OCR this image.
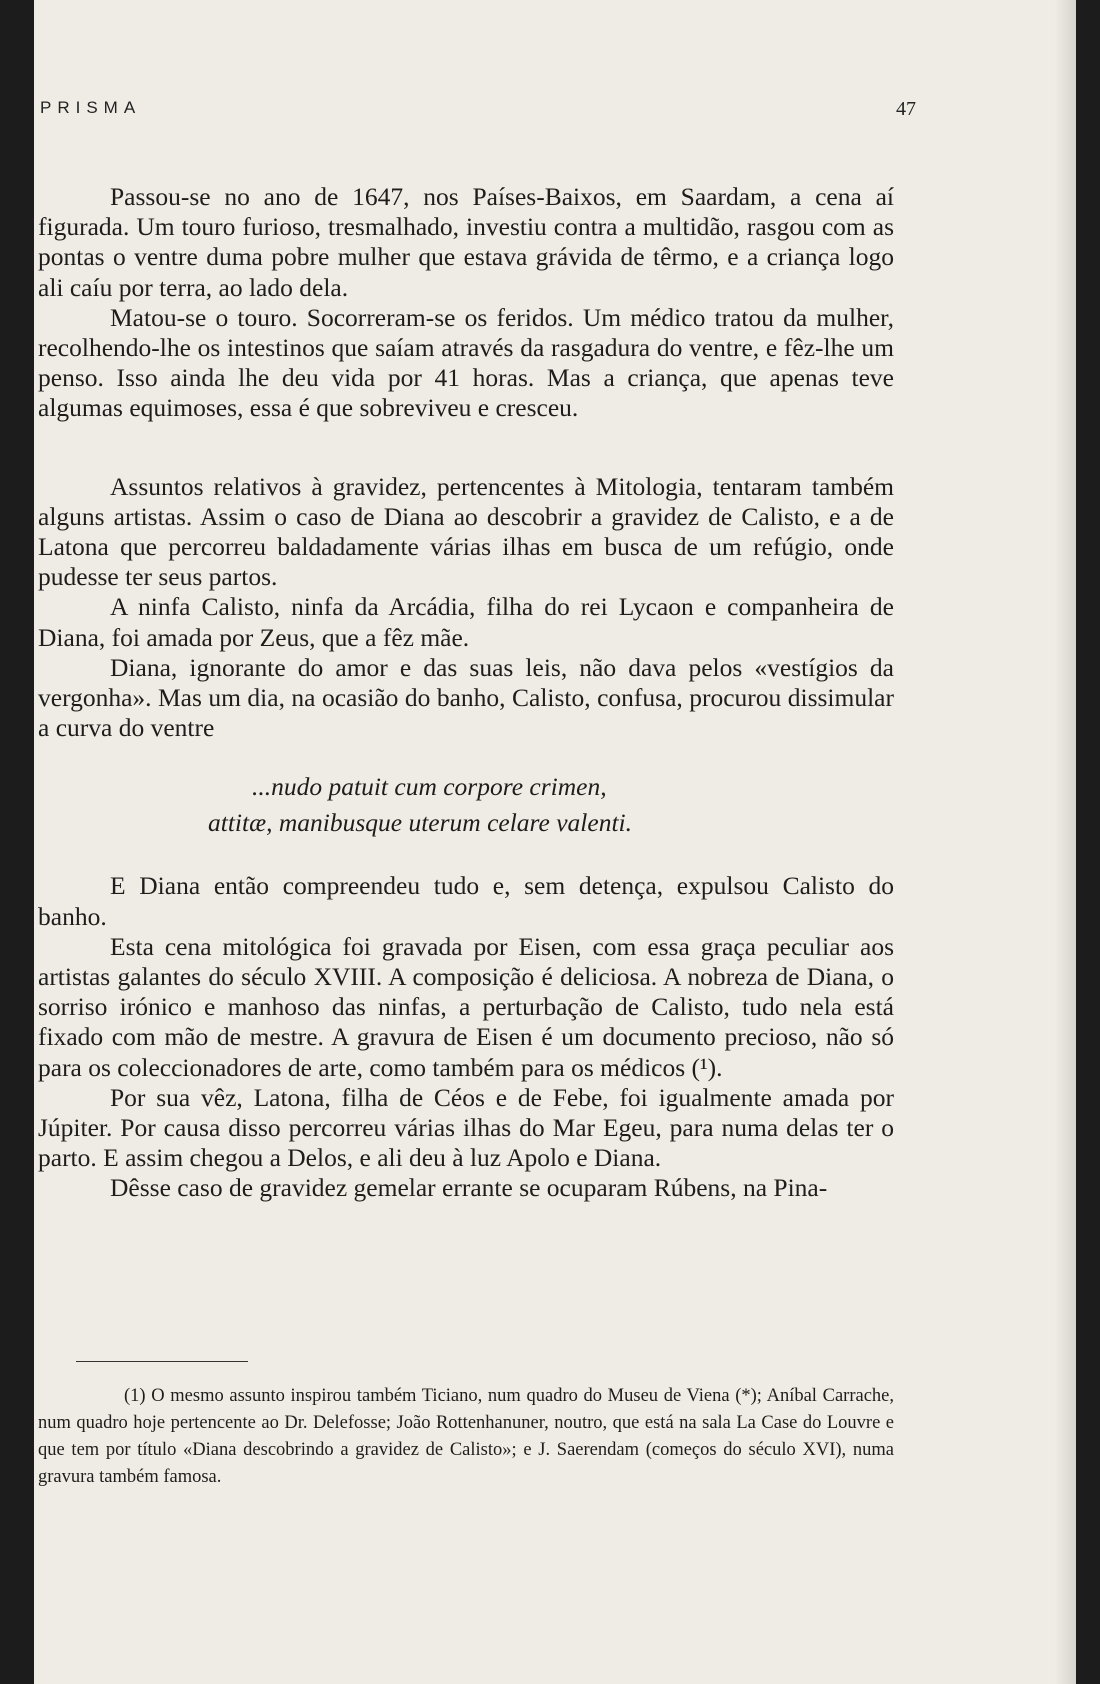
PRISMA	47

Passou-se no ano de 1647, nos Países-Baixos, em Saardam, a cena aí figurada. Um touro furioso, tresmalhado, investiu contra a multidão, rasgou com as pontas o ventre duma pobre mulher que estava grávida de têrmo, e a criança logo ali caíu por terra, ao lado dela.

Matou-se o touro. Socorreram-se os feridos. Um médico tratou da mulher, recolhendo-lhe os intestinos que saíam através da rasgadura do ventre, e fêz-lhe um penso. Isso ainda lhe deu vida por 41 horas. Mas a criança, que apenas teve algumas equimoses, essa é que sobreviveu e cresceu.

Assuntos relativos à gravidez, pertencentes à Mitologia, tentaram também alguns artistas. Assim o caso de Diana ao descobrir a gravidez de Calisto, e a de Latona que percorreu baldadamente várias ilhas em busca de um refúgio, onde pudesse ter seus partos.

A ninfa Calisto, ninfa da Arcádia, filha do rei Lycaon e companheira de Diana, foi amada por Zeus, que a fêz mãe.

Diana, ignorante do amor e das suas leis, não dava pelos «vestígios da vergonha». Mas um dia, na ocasião do banho, Calisto, confusa, procurou dissimular a curva do ventre

...nudo patuit cum corpore crimen,
attitæ, manibusque uterum celare valenti.

E Diana então compreendeu tudo e, sem detença, expulsou Calisto do banho.

Esta cena mitológica foi gravada por Eisen, com essa graça peculiar aos artistas galantes do século XVIII. A composição é deliciosa. A nobreza de Diana, o sorriso irónico e manhoso das ninfas, a perturbação de Calisto, tudo nela está fixado com mão de mestre. A gravura de Eisen é um documento precioso, não só para os coleccionadores de arte, como também para os médicos (¹).

Por sua vêz, Latona, filha de Céos e de Febe, foi igualmente amada por Júpiter. Por causa disso percorreu várias ilhas do Mar Egeu, para numa delas ter o parto. E assim chegou a Delos, e ali deu à luz Apolo e Diana.

Dêsse caso de gravidez gemelar errante se ocuparam Rúbens, na Pina-

(1) O mesmo assunto inspirou também Ticiano, num quadro do Museu de Viena (*); Aníbal Carrache, num quadro hoje pertencente ao Dr. Delefosse; João Rottenhanuner, noutro, que está na sala La Case do Louvre e que tem por título «Diana descobrindo a gravidez de Calisto»; e J. Saerendam (começos do século XVI), numa gravura também famosa.
